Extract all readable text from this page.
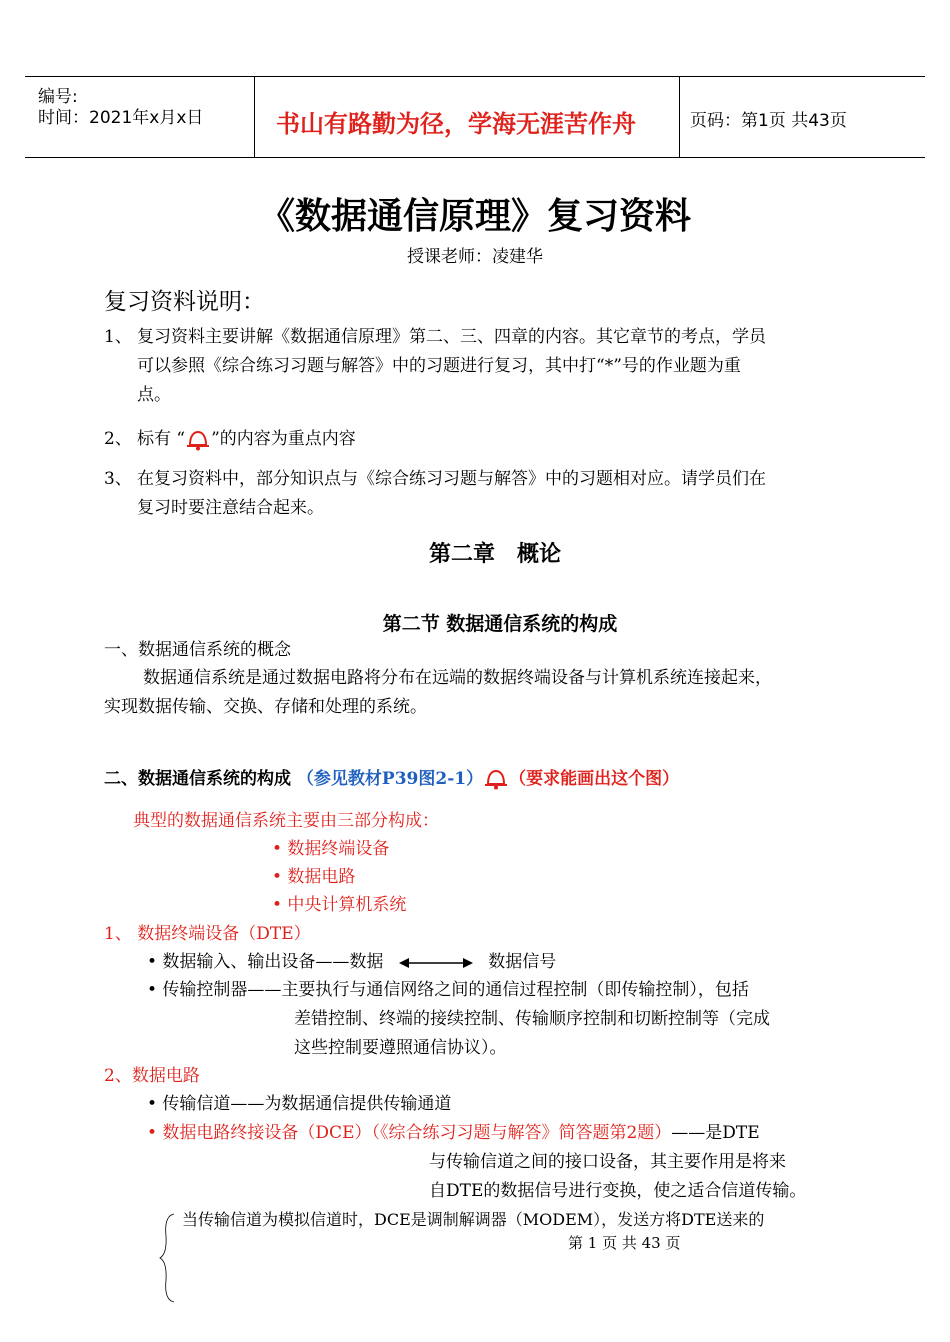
编号:
时间：2021年x月x日	书山有路勤为径，学海无涯苦作舟	页码：第1页 共43页
《数据通信原理》复习资料
授课老师：凌建华
复习资料说明：
1、 复习资料主要讲解《数据通信原理》第二、三、四章的内容。其它章节的考点，学员
可以参照《综合练习习题与解答》中的习题进行复习，其中打“*”号的作业题为重
点。
2、 标有 “ ”的内容为重点内容
3、 在复习资料中，部分知识点与《综合练习习题与解答》中的习题相对应。请学员们在
复习时要注意结合起来。
第二章　概论
第二节 数据通信系统的构成
一、数据通信系统的概念
数据通信系统是通过数据电路将分布在远端的数据终端设备与计算机系统连接起来，
实现数据传输、交换、存储和处理的系统。
二、数据通信系统的构成 （参见教材P39图2-1） （要求能画出这个图）
典型的数据通信系统主要由三部分构成：
• 数据终端设备
• 数据电路
• 中央计算机系统
1、 数据终端设备（DTE）
• 数据输入、输出设备——数据	数据信号
• 传输控制器——主要执行与通信网络之间的通信过程控制（即传输控制），包括
差错控制、终端的接续控制、传输顺序控制和切断控制等（完成
这些控制要遵照通信协议）。
2、数据电路
• 传输信道——为数据通信提供传输通道
• 数据电路终接设备（DCE）（《综合练习习题与解答》简答题第2题）——是DTE
与传输信道之间的接口设备，其主要作用是将来
自DTE的数据信号进行变换，使之适合信道传输。
当传输信道为模拟信道时，DCE是调制解调器（MODEM），发送方将DTE送来的
第 1 页 共 43 页
